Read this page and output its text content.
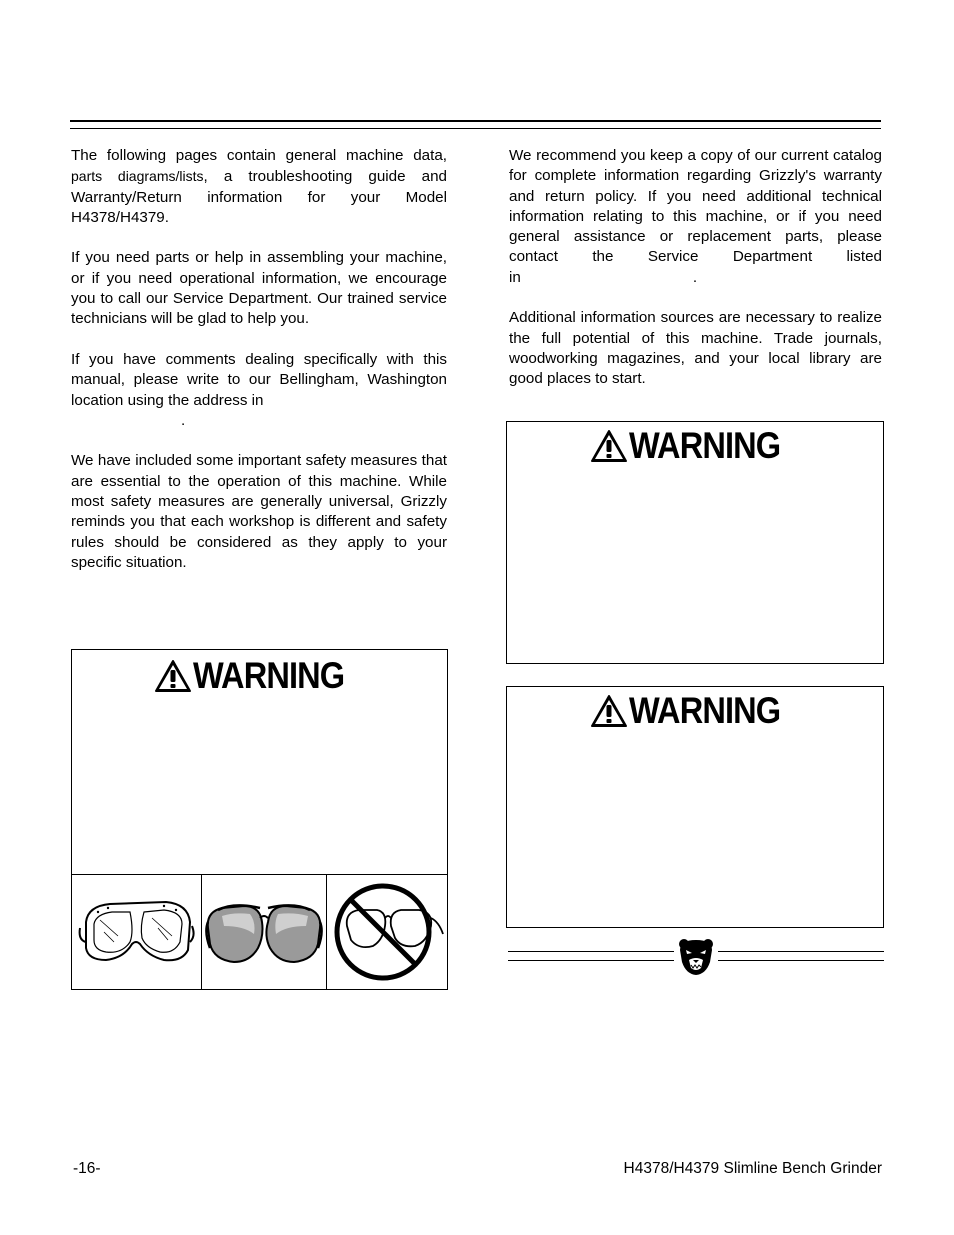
The following pages contain general machine data, parts diagrams/lists, a troubleshooting guide and Warranty/Return information for your Model H4378/H4379.

If you need parts or help in assembling your machine, or if you need operational information, we encourage you to call our Service Department. Our trained service technicians will be glad to help you.

If you have comments dealing specifically with this manual, please write to our Bellingham, Washington location using the address in
.

We have included some important safety measures that are essential to the operation of this machine. While most safety measures are generally universal, Grizzly reminds you that each workshop is different and safety rules should be considered as they apply to your specific situation.

We recommend you keep a copy of our current catalog for complete information regarding Grizzly's warranty and return policy. If you need additional technical information relating to this machine, or if you need general assistance or replacement parts, please contact the Service Department listed in	.

Additional information sources are necessary to realize the full potential of this machine. Trade journals, woodworking magazines, and your local library are good places to start.

WARNING
WARNING
WARNING
-16-	H4378/H4379 Slimline Bench Grinder
